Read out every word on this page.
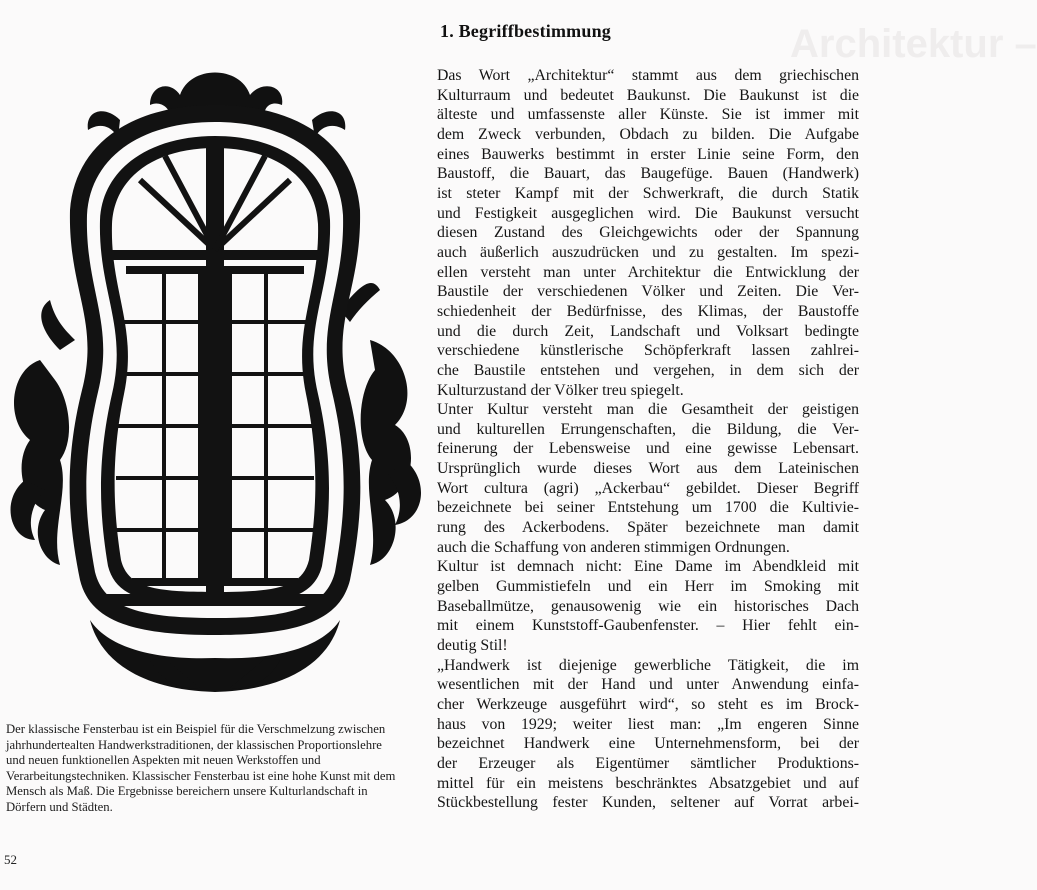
Architektur –

Der klassische Fensterbau ist ein Beispiel für die Verschmelzung zwischen jahrhundertealten Handwerkstraditionen, der klassischen Proportionslehre und neuen funktionellen Aspekten mit neuen Werkstoffen und Verarbeitungstechniken. Klassischer Fensterbau ist eine hohe Kunst mit dem Mensch als Maß. Die Ergebnisse bereichern unsere Kulturlandschaft in Dörfern und Städten.

52
1. Begriffbestimmung
Das Wort „Architektur“ stammt aus dem griechischen
Kulturraum und bedeutet Baukunst. Die Baukunst ist die
älteste und umfassenste aller Künste. Sie ist immer mit
dem Zweck verbunden, Obdach zu bilden. Die Aufgabe
eines Bauwerks bestimmt in erster Linie seine Form, den
Baustoff, die Bauart, das Baugefüge. Bauen (Handwerk)
ist steter Kampf mit der Schwerkraft, die durch Statik
und Festigkeit ausgeglichen wird. Die Baukunst versucht
diesen Zustand des Gleichgewichts oder der Spannung
auch äußerlich auszudrücken und zu gestalten. Im spezi-
ellen versteht man unter Architektur die Entwicklung der
Baustile der verschiedenen Völker und Zeiten. Die Ver-
schiedenheit der Bedürfnisse, des Klimas, der Baustoffe
und die durch Zeit, Landschaft und Volksart bedingte
verschiedene künstlerische Schöpferkraft lassen zahlrei-
che Baustile entstehen und vergehen, in dem sich der
Kulturzustand der Völker treu spiegelt.
Unter Kultur versteht man die Gesamtheit der geistigen
und kulturellen Errungenschaften, die Bildung, die Ver-
feinerung der Lebensweise und eine gewisse Lebensart.
Ursprünglich wurde dieses Wort aus dem Lateinischen
Wort cultura (agri) „Ackerbau“ gebildet. Dieser Begriff
bezeichnete bei seiner Entstehung um 1700 die Kultivie-
rung des Ackerbodens. Später bezeichnete man damit
auch die Schaffung von anderen stimmigen Ordnungen.
Kultur ist demnach nicht: Eine Dame im Abendkleid mit
gelben Gummistiefeln und ein Herr im Smoking mit
Baseballmütze, genausowenig wie ein historisches Dach
mit einem Kunststoff-Gaubenfenster. – Hier fehlt ein-
deutig Stil!
„Handwerk ist diejenige gewerbliche Tätigkeit, die im
wesentlichen mit der Hand und unter Anwendung einfa-
cher Werkzeuge ausgeführt wird“, so steht es im Brock-
haus von 1929; weiter liest man: „Im engeren Sinne
bezeichnet Handwerk eine Unternehmensform, bei der
der Erzeuger als Eigentümer sämtlicher Produktions-
mittel für ein meistens beschränktes Absatzgebiet und auf
Stückbestellung fester Kunden, seltener auf Vorrat arbei-
